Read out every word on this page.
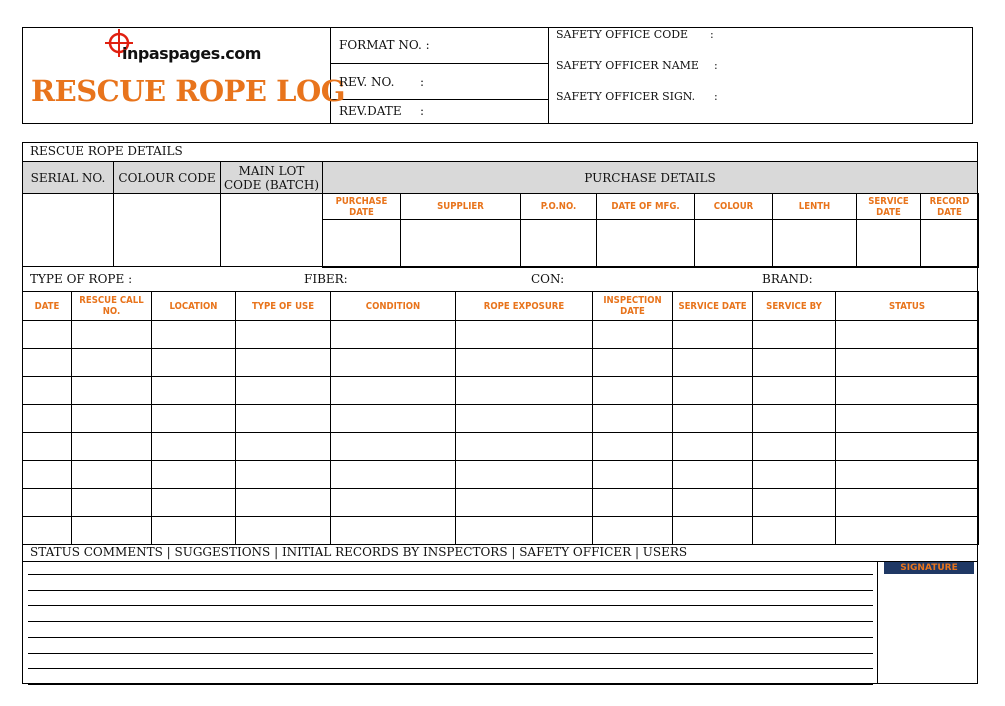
inpaspages.com
RESCUE ROPE LOG
FORMAT NO. :
REV. NO. :
REV.DATE :
SAFETY OFFICE CODE :
SAFETY OFFICER NAME :
SAFETY OFFICER SIGN. :
RESCUE ROPE DETAILS
SERIAL NO.	COLOUR CODE	MAIN LOT CODE (BATCH)	PURCHASE DETAILS
PURCHASE DATE	SUPPLIER	P.O.NO.	DATE OF MFG.	COLOUR	LENTH	SERVICE DATE	RECORD DATE

TYPE OF ROPE :	FIBER:	CON:	BRAND:
DATE	RESCUE CALL NO.	LOCATION	TYPE OF USE	CONDITION	ROPE EXPOSURE	INSPECTION DATE	SERVICE DATE	SERVICE BY	STATUS

STATUS COMMENTS | SUGGESTIONS | INITIAL RECORDS BY INSPECTORS | SAFETY OFFICER | USERS
SIGNATURE
